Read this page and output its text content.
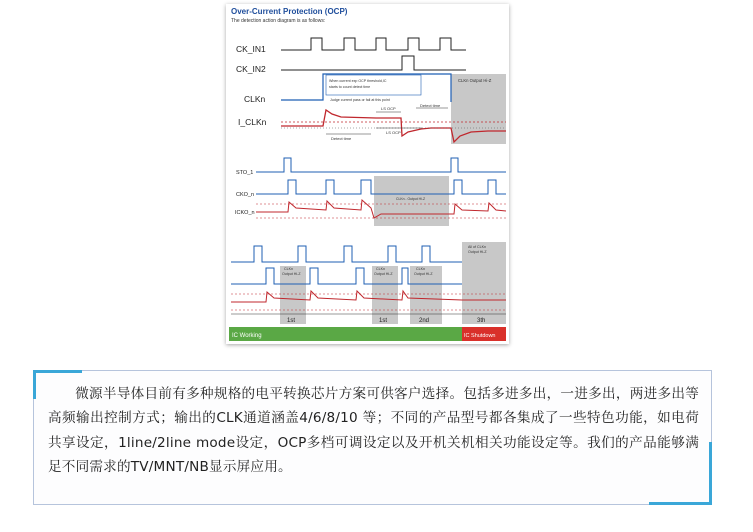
CK_IN1
CK_IN2
CLKn
I_CLKn
When current exp OCP threshold,IC
starts to count detect time
Judge current pass or fail at this point
LS OCP
LS OCP
Detect time
Detect time
CLKn Output Hi-Z
STO_1
CKO_n
ICKO_n
CLKn - Output Hi-Z
CLKn
Output Hi-Z
CLKn
Output Hi-Z
CLKn
Output Hi-Z
All of CLKn
Output Hi-Z
1st	1st	2nd	3th
IC Working	IC Shutdown
Over-Current Protection (OCP)
The detection action diagram is as follows:
微源半导体目前有多种规格的电平转换芯片方案可供客户选择。包括多进多出，一进多出，两进多出等高频输出控制方式；输出的CLK通道涵盖4/6/8/10 等；不同的产品型号都各集成了一些特色功能，如电荷共享设定，1line/2line mode设定，OCP多档可调设定以及开机关机相关功能设定等。我们的产品能够满足不同需求的TV/MNT/NB显示屏应用。
